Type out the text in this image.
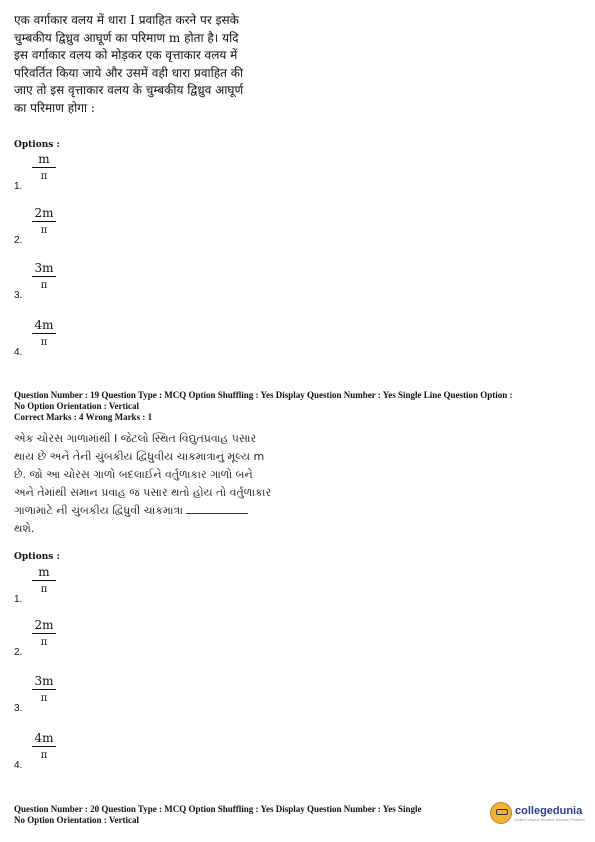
एक वर्गाकार वलय में धारा I प्रवाहित करने पर इसके
चुम्बकीय द्विध्रुव आघूर्ण का परिमाण m होता है। यदि
इस वर्गाकार वलय को मोड़कर एक वृत्ताकार वलय में
परिवर्तित किया जाये और उसमें वही धारा प्रवाहित की
जाए तो इस वृत्ताकार वलय के चुम्बकीय द्विध्रुव आघूर्ण
का परिमाण होगा :
Options :
1.
m
π
2.
2m
π
3.
3m
π
4.
4m
π
Question Number : 19 Question Type : MCQ Option Shuffling : Yes Display Question Number : Yes Single Line Question Option :
No Option Orientation : Vertical
Correct Marks : 4 Wrong Marks : 1
એક ચોરસ ગાળામાંથી I જેટલો સ્થિત વિદ્યુતપ્રવાહ પસાર
થાય છે અને તેની ચુંબકીય દ્વિધ્રુવીય ચાકમાત્રાનું મૂલ્ય m
છે. જો આ ચોરસ ગાળો બદલાઈને વર્તુળાકાર ગાળો બને
અને તેમાંથી સમાન પ્રવાહ જ પસાર થતો હોય તો વર્તુળાકાર
ગાળામાટે ની ચુંબકીય દ્વિધ્રુવી ચાકમાત્રા
થશે.
Options :
1.
m
π
2.
2m
π
3.
3m
π
4.
4m
π
Question Number : 20 Question Type : MCQ Option Shuffling : Yes Display Question Number : Yes Single
No Option Orientation : Vertical
collegedunia
India's largest Student Review Platform
